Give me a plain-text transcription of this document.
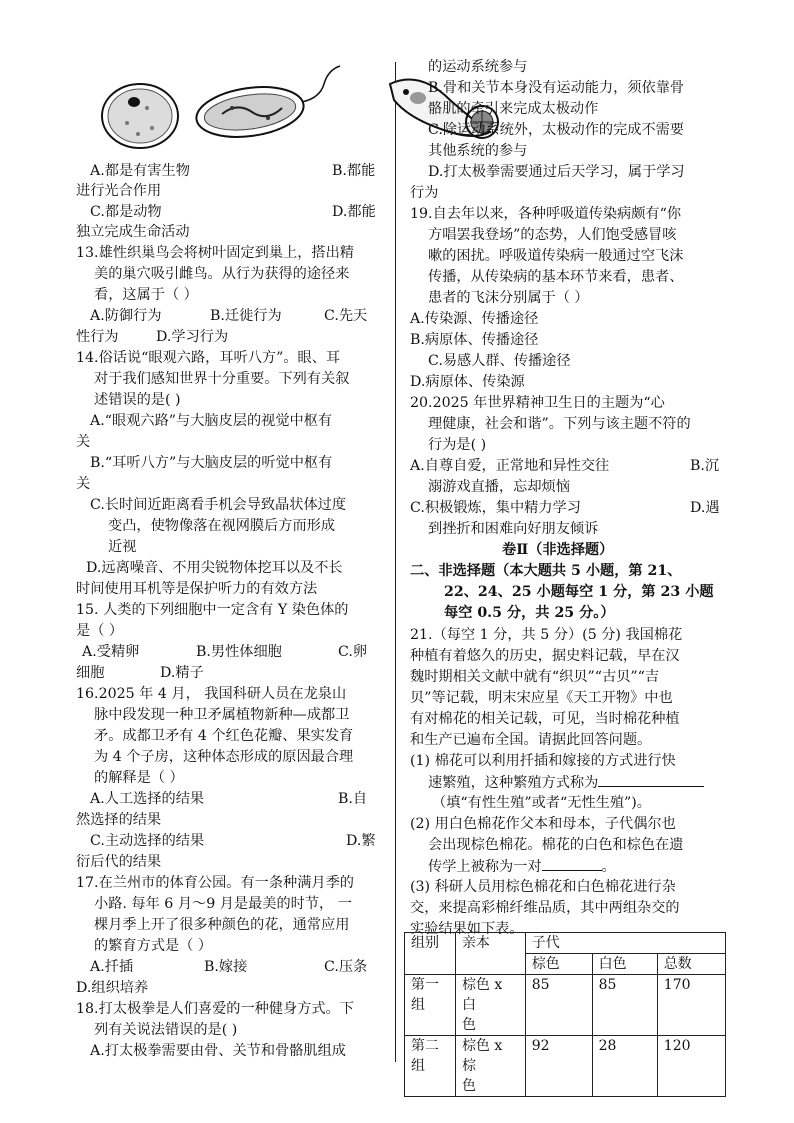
A.都是有害生物	B.都能
进行光合作用
C.都是动物	D.都能
独立完成生命活动
13.雄性织巢鸟会将树叶固定到巢上，搭出精
美的巢穴吸引雌鸟。从行为获得的途径来
看，这属于（ ）
A.防御行为	B.迁徙行为	C.先天
性行为	D.学习行为
14.俗话说“眼观六路，耳听八方”。眼、耳
对于我们感知世界十分重要。下列有关叙
述错误的是( )
A.“眼观六路”与大脑皮层的视觉中枢有
关
B.“耳听八方”与大脑皮层的听觉中枢有
关
C.长时间近距离看手机会导致晶状体过度
变凸，使物像落在视网膜后方而形成
近视
D.远离噪音、不用尖锐物体挖耳以及不长
时间使用耳机等是保护听力的有效方法
15. 人类的下列细胞中一定含有 Y 染色体的
是（ ）
A.受精卵	B.男性体细胞	C.卵
细胞	D.精子
16.2025 年 4 月， 我国科研人员在龙泉山
脉中段发现一种卫矛属植物新种—成都卫
矛。成都卫矛有 4 个红色花瓣、果实发育
为 4 个子房，这种体态形成的原因最合理
的解释是（ ）
A.人工选择的结果	B.自
然选择的结果
C.主动选择的结果	D.繁
衍后代的结果
17.在兰州市的体育公园。有一条种满月季的
小路. 每年 6 月～9 月是最美的时节， 一
棵月季上开了很多种颜色的花，通常应用
的繁育方式是（ ）
A.扦插	B.嫁接	C.压条
D.组织培养
18.打太极拳是人们喜爱的一种健身方式。下
列有关说法错误的是( )
A.打太极拳需要由骨、关节和骨骼肌组成
的运动系统参与
B.骨和关节本身没有运动能力，须依靠骨
骼肌的牵引来完成太极动作
C.除运动系统外，太极动作的完成不需要
其他系统的参与
D.打太极拳需要通过后天学习，属于学习
行为
19.自去年以来，各种呼吸道传染病颇有“你
方唱罢我登场”的态势，人们饱受感冒咳
嗽的困扰。呼吸道传染病一般通过空飞沫
传播，从传染病的基本环节来看，患者、
患者的飞沫分别属于（ ）
A.传染源、传播途径
B.病原体、传播途径
C.易感人群、传播途径
D.病原体、传染源
20.2025 年世界精神卫生日的主题为“心
理健康，社会和谐”。下列与该主题不符的
行为是( )
A.自尊自爱，正常地和异性交往	B.沉
溺游戏直播，忘却烦恼
C.积极锻炼，集中精力学习	D.遇
到挫折和困难向好朋友倾诉
卷Ⅱ（非选择题）
二、非选择题（本大题共 5 小题，第 21、
22、24、25 小题每空 1 分，第 23 小题
每空 0.5 分，共 25 分。）
21.（每空 1 分，共 5 分）(5 分) 我国棉花
种植有着悠久的历史，据史料记载，早在汉
魏时期相关文献中就有“织贝”“古贝”“吉
贝”等记载，明末宋应星《天工开物》中也
有对棉花的相关记载，可见，当时棉花种植
和生产已遍布全国。请据此回答问题。
(1) 棉花可以利用扦插和嫁接的方式进行快
速繁殖，这种繁殖方式称为
（填“有性生殖”或者“无性生殖”)。
(2) 用白色棉花作父本和母本，子代偶尔也
会出现棕色棉花。棉花的白色和棕色在遗
传学上被称为一对	。
(3) 科研人员用棕色棉花和白色棉花进行杂
交，来提高彩棉纤维品质，其中两组杂交的
实验结果如下表。
组别	亲本	子代		
		棕色	白色	总数
第一
组	棕色 x 白
色	85	85	170
第二
组	棕色 x 棕
色	92	28	120
